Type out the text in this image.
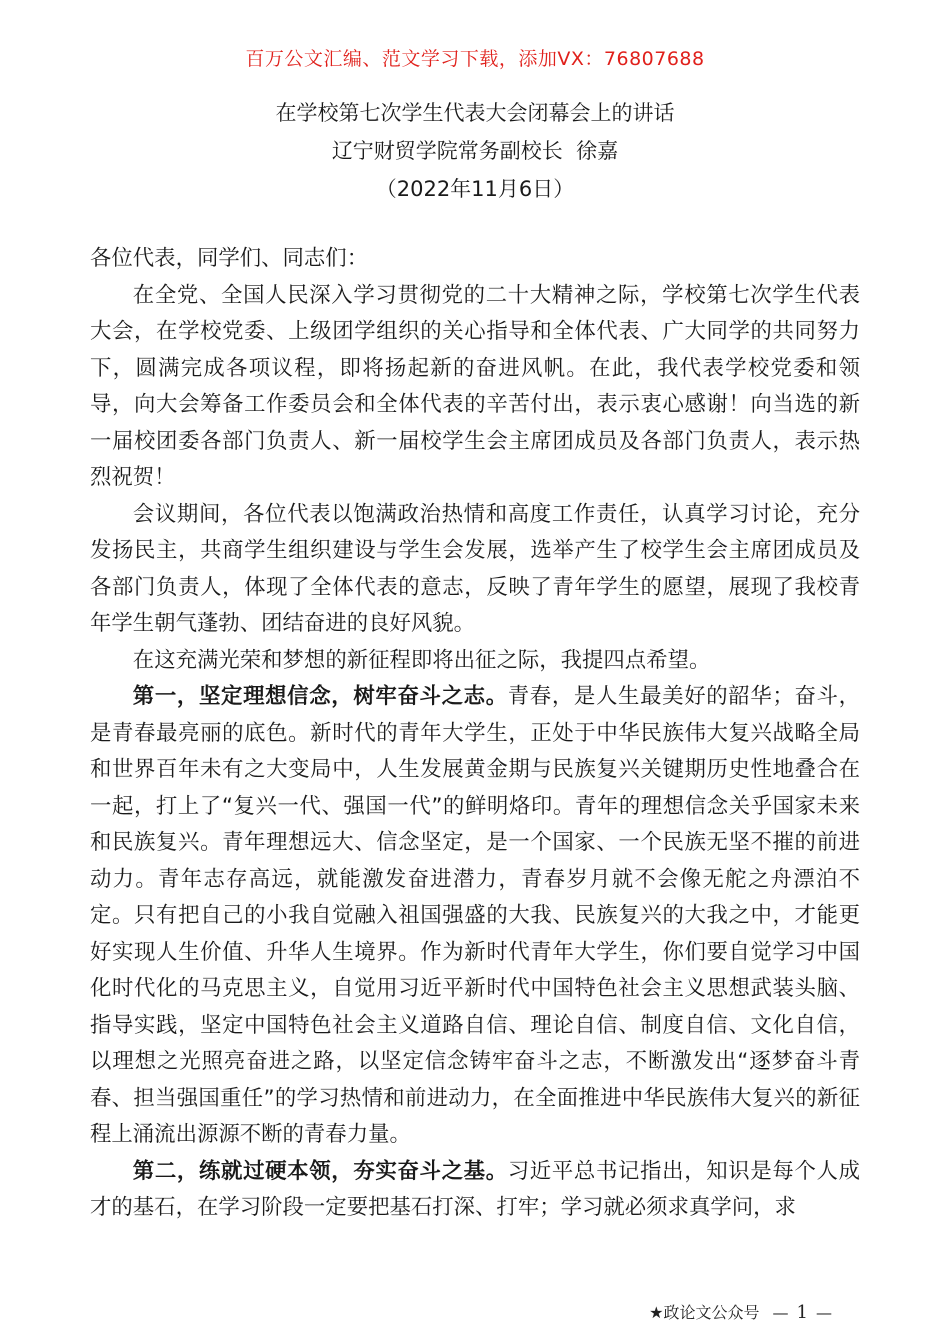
百万公文汇编、范文学习下载，添加VX：76807688
在学校第七次学生代表大会闭幕会上的讲话
辽宁财贸学院常务副校长  徐嘉
（2022年11月6日）

各位代表，同学们、同志们：

在全党、全国人民深入学习贯彻党的二十大精神之际，学校第七次学生代表大会，在学校党委、上级团学组织的关心指导和全体代表、广大同学的共同努力下，圆满完成各项议程，即将扬起新的奋进风帆。在此，我代表学校党委和领导，向大会筹备工作委员会和全体代表的辛苦付出，表示衷心感谢！向当选的新一届校团委各部门负责人、新一届校学生会主席团成员及各部门负责人，表示热烈祝贺！

会议期间，各位代表以饱满政治热情和高度工作责任，认真学习讨论，充分发扬民主，共商学生组织建设与学生会发展，选举产生了校学生会主席团成员及各部门负责人，体现了全体代表的意志，反映了青年学生的愿望，展现了我校青年学生朝气蓬勃、团结奋进的良好风貌。

在这充满光荣和梦想的新征程即将出征之际，我提四点希望。

第一，坚定理想信念，树牢奋斗之志。青春，是人生最美好的韶华；奋斗，是青春最亮丽的底色。新时代的青年大学生，正处于中华民族伟大复兴战略全局和世界百年未有之大变局中，人生发展黄金期与民族复兴关键期历史性地叠合在一起，打上了“复兴一代、强国一代”的鲜明烙印。青年的理想信念关乎国家未来和民族复兴。青年理想远大、信念坚定，是一个国家、一个民族无坚不摧的前进动力。青年志存高远，就能激发奋进潜力，青春岁月就不会像无舵之舟漂泊不定。只有把自己的小我自觉融入祖国强盛的大我、民族复兴的大我之中，才能更好实现人生价值、升华人生境界。作为新时代青年大学生，你们要自觉学习中国化时代化的马克思主义，自觉用习近平新时代中国特色社会主义思想武装头脑、指导实践，坚定中国特色社会主义道路自信、理论自信、制度自信、文化自信，以理想之光照亮奋进之路，以坚定信念铸牢奋斗之志，不断激发出“逐梦奋斗青春、担当强国重任”的学习热情和前进动力，在全面推进中华民族伟大复兴的新征程上涌流出源源不断的青春力量。

第二，练就过硬本领，夯实奋斗之基。习近平总书记指出，知识是每个人成才的基石，在学习阶段一定要把基石打深、打牢；学习就必须求真学问，求

★政论文公众号 — 1 —
